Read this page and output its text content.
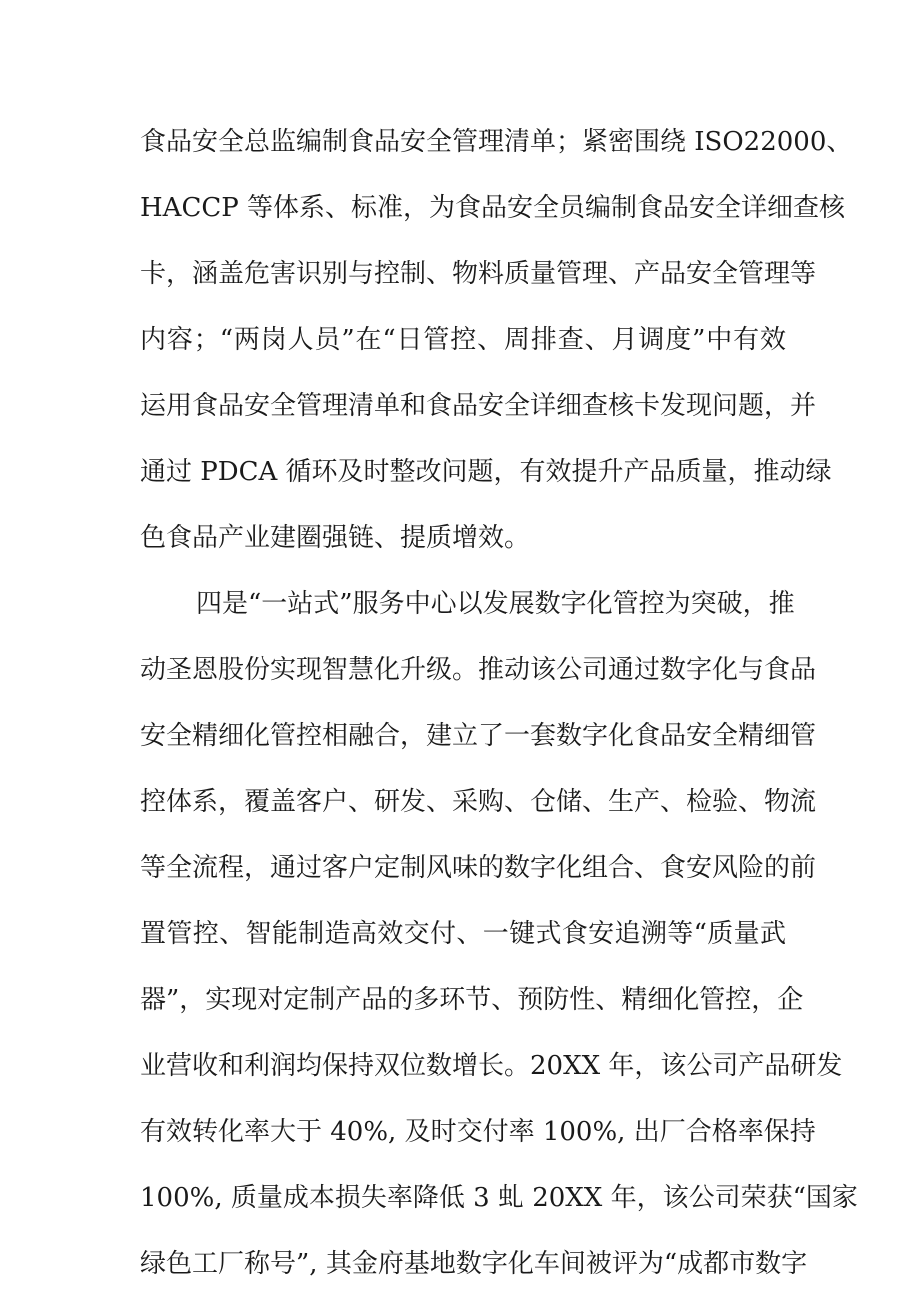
食品安全总监编制食品安全管理清单；紧密围绕 ISO22000、
HACCP 等体系、标准，为食品安全员编制食品安全详细查核
卡，涵盖危害识别与控制、物料质量管理、产品安全管理等
内容；“两岗人员”在“日管控、周排查、月调度”中有效
运用食品安全管理清单和食品安全详细查核卡发现问题，并
通过 PDCA 循环及时整改问题，有效提升产品质量，推动绿
色食品产业建圈强链、提质增效。
四是“一站式”服务中心以发展数字化管控为突破，推
动圣恩股份实现智慧化升级。推动该公司通过数字化与食品
安全精细化管控相融合，建立了一套数字化食品安全精细管
控体系，覆盖客户、研发、采购、仓储、生产、检验、物流
等全流程，通过客户定制风味的数字化组合、食安风险的前
置管控、智能制造高效交付、一键式食安追溯等“质量武
器”，实现对定制产品的多环节、预防性、精细化管控，企
业营收和利润均保持双位数增长。20XX 年，该公司产品研发
有效转化率大于 40%, 及时交付率 100%, 出厂合格率保持
100%, 质量成本损失率降低 3 虬 20XX 年，该公司荣获“国家
绿色工厂称号”, 其金府基地数字化车间被评为“成都市数字
